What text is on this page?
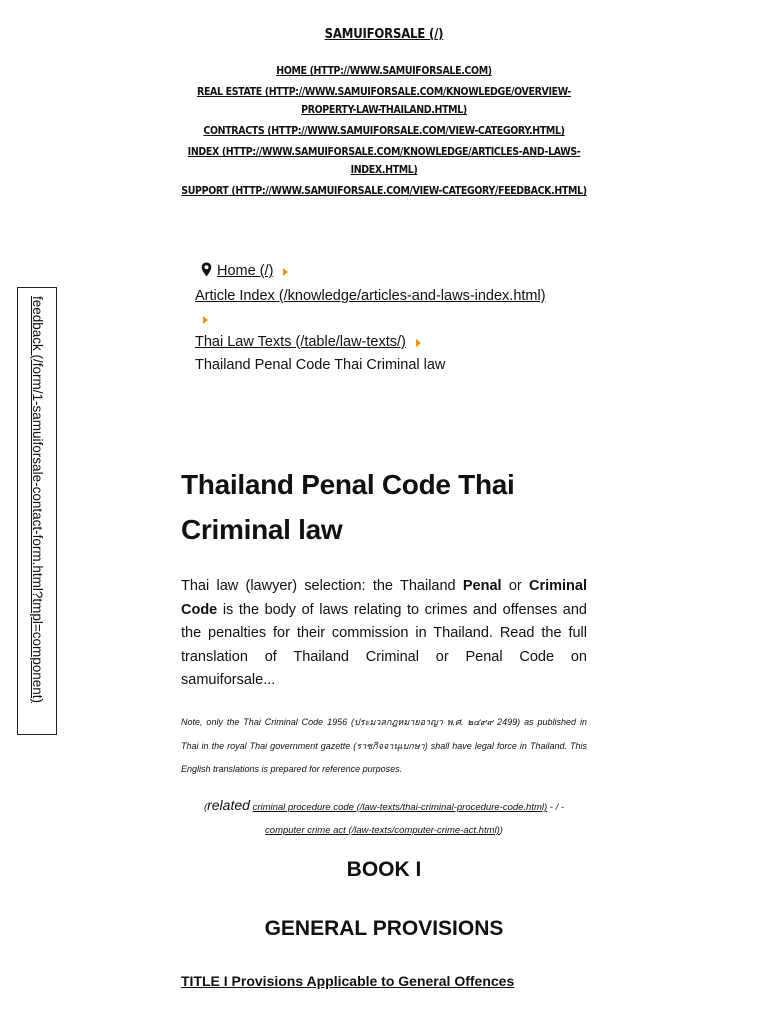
SAMUIFORSALE (/)
HOME (HTTP://WWW.SAMUIFORSALE.COM)
REAL ESTATE (HTTP://WWW.SAMUIFORSALE.COM/KNOWLEDGE/OVERVIEW-PROPERTY-LAW-THAILAND.HTML)
CONTRACTS (HTTP://WWW.SAMUIFORSALE.COM/VIEW-CATEGORY.HTML)
INDEX (HTTP://WWW.SAMUIFORSALE.COM/KNOWLEDGE/ARTICLES-AND-LAWS-INDEX.HTML)
SUPPORT (HTTP://WWW.SAMUIFORSALE.COM/VIEW-CATEGORY/FEEDBACK.HTML)
Home (/)
Article Index (/knowledge/articles-and-laws-index.html)
Thai Law Texts (/table/law-texts/)
Thailand Penal Code Thai Criminal law
feedback (/form/1-samuiforsale-contact-form.html?tmpl=component)	Thailand Penal Code Thai Criminal law

Thai law (lawyer) selection: the Thailand Penal or Criminal Code is the body of laws relating to crimes and offenses and the penalties for their commission in Thailand. Read the full translation of Thailand Criminal or Penal Code on samuiforsale...

Note, only the Thai Criminal Code 1956 (ประมวลกฎหมายอาญา พ.ศ. ๒๔๙๙ 2499) as published in Thai in the royal Thai government gazette (ราชกิจจานุเบกษา) shall have legal force in Thailand. This English translations is prepared for reference purposes.

(related criminal procedure code (/law-texts/thai-criminal-procedure-code.html) - / -
computer crime act (/law-texts/computer-crime-act.html))

BOOK I
GENERAL PROVISIONS
TITLE I Provisions Applicable to General Offences
